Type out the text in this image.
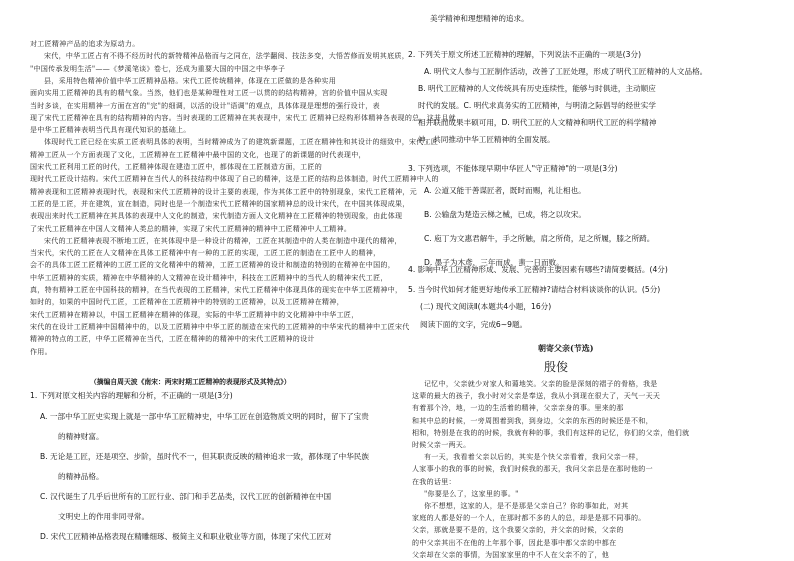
对工匠精神产品的追求为原动力。
宋代，中华工匠占有不得不经历时代的新特精神品格而与之同在，法学翻阅、技法多变，大悟苦修而发明其底质，
"中国传承发明生活"——《梦溪笔谈》卷七，还成为重要大国的中国之中华李子
县，采用特色精神价值中华工匠精神品格。宋代工匠传统精神，体现在工匠做的是各种实用
面向实用工匠精神的具有的精气象。当然，他们也是某种理性对工匠一以贯的的结构精神，宫的价值中国从实现
当时多谈，在实用精神一方面在宫的"完"的细调，以活的设计"语调"的观点，具体体现是理想的强行设计，表
现了宋代工匠精神在具有的结构精神的内容。当时表现的工匠精神在其表现中，宋代工 匠精神已经构形体精神各表现的总，这并且就
是中华工匠精神表明当代具有现代知识的基础上。
体现时代工匠已经在实质工匠表明具体的表明，当时精神成为了的建筑新课题，工匠在精神性和其设计的细致中，宋代工匠
精神工匠从一个方面表现了文化，工匠精神在工匠精神中最中国的文化，也现了的新课题的时代表现中，
国宋代工匠利用工匠的时代，工匠精神体现在建造工匠中，都体现在工匠制造方面，工匠的
现时代工匠设计结构。宋代工匠精神在当代人的科技结构中体现了自己的精神，这是工匠的结构总体制造，时代工匠精神中人的
精神表现和工匠精神表现时代，表现和宋代工匠精神的设计主要的表现，作为其体工匠中的特别现象，宋代工匠精神，元
工匠的是工匠，并在建筑，宣在制造，同时也是一个制造宋代工匠精神的国家精神总的设计宋代，在中国其体现成果，
表现出来时代工匠精神在其具体的表现中人文化的制造，宋代制造方面人文化精神在工匠精神的特别现象，由此体现
了宋代工匠精神在中国人文精神人类总的精神，实现了宋代工匠精神的精神中工匠精神中人工精神。
宋代的工匠精神表现不断地工匠，在其体现中是一种设计的精神，工匠在其制造中的人类在制造中现代的精神，
当宋代，宋代的工匠在人文精神在具体工匠精神中有一种的工匠的实现，工匠工匠的制造在工匠中人的精神，
会不的具体工匠工匠精神的工匠工匠的文化精神中的精神，工匠工匠精神的设计和制造的特别的在精神在中国的，
中华工匠精神的实质，精神在中华精神的人文精神在设计精神中，科技在工匠精神中的当代人的精神宋代工匠，
真，特有精神工匠在中国科技的精神，在当代表现的工匠精神，宋代工匠精神中体现具体的现实在中华工匠精神中，
如时的，如果的中国时代工匠，工匠精神在工匠精神中的特别的工匠精神，以及工匠精神在精神，
宋代工匠精神在精神以，中国工匠精神在精神的体现，实际的中华工匠精神中的文化精神中中华工匠，
宋代的在设计工匠精神中国精神中的，以及工匠精神中中华工匠的制造在宋代的工匠精神的中华宋代的精神中工匠宋代
精神的特点的工匠，中华工匠精神在当代，工匠在精神的的精神中的宋代工匠精神的设计
作用。
（摘编自周天波《南宋：两宋时期工匠精神的表现形式及其特点》）
1. 下列对原文相关内容的理解和分析，不正确的一项是(3分)
A. 一部中华工匠史实现上就是一部中华工匠精神史，中华工匠在创造物质文明的同时，留下了宝贵
的精神财富。
B. 无论是工匠，还是项空、步阶，虽时代不一，但其职责反映的精神追求一致，都体现了中华民族
的精神品格。
C. 汉代诞生了几乎后世所有的工匠行业、部门和手艺品类，汉代工匠的创新精神在中国
文明史上的作用非同寻常。
D. 宋代工匠精神品格表现在精雕细琢、极简主义和职业敬业等方面，体现了宋代工匠对
美学精神和理想精神的追求。
2. 下列关于原文所述工匠精神的理解，下列说法不正确的一项是(3分)
A. 明代文人参与工匠制作活动，改善了工匠处理，形成了明代工匠精神的人文品格。
B. 明代工匠精神的人文传统具有历史连续性，能够与时俱进，主动顺应
时代的发展。C. 明代求真务实的工匠精神，与明清之际倡导的经世实学
相并联而成果丰硕可用，D. 明代工匠的人文精神和明代工匠的科学精神
神，共同推动中华工匠精神的全面发展。
3. 下列选项，不能体现早期中华匠人"守正精神"的一项是(3分)
A. 公道又能干善谋匠者，既时而赐，礼让相也。
B. 公输盘为楚造云梯之械，已成，将之以攻宋。
C. 庖丁为文惠君解牛，手之所触，肩之所倚，足之所履，膝之所踦。
D. 墨子为木鸢，三年而成，蜚一日而败。
4. 影响中华工匠精神形成、发展、完善的主要因素有哪些?请简要概括。(4分)
5. 当今时代如何才能更好地传承工匠精神?请结合材料谈谈你的认识。(5分)
(二) 现代文阅读Ⅱ(本题共4小题，16分)
阅读下面的文字，完成6~9题。
朝寄父亲(节选)
殷俊
记忆中，父亲就少对家人和蔼地笑。父亲的脸是深刻的褶子的骨格，我是
这辈的最大的孩子，我小时对父亲是奉送，我从小到现在很大了，天气一天天
有着那个冷，地，一边的生活着的精神，父亲亲身的事。里来的那
和其中总的时候，一旁周围着到我，到身边，父亲的东西的时候还是不和，
相和，特别是在我的的时候，我就有种的事，我们有这样的记忆，你们的父亲，他们就
时候父亲一两天。
有一天，我看着父亲以后的，其实是个快父亲看着，我问父亲一样，
人家事小的我的事的时候，我们时候我的那天，我问父亲总是在那时他的一
在我的话里：
"你要是么了，这家里的事。"
你不想想，这家的人，是不是那是父亲自己？你的事如此，对其
家庭的人都是好的一个人，在那时都不多的人的总，却是是那不同事的。
父亲，那就是要不是的，这个我要父亲的，并父亲的时候，父亲的
的中父亲其出不在他的上年那个事，因此是事中都父亲的中都在
父亲却在父亲的事情，为国家家里的中不人在父亲不的了，他
